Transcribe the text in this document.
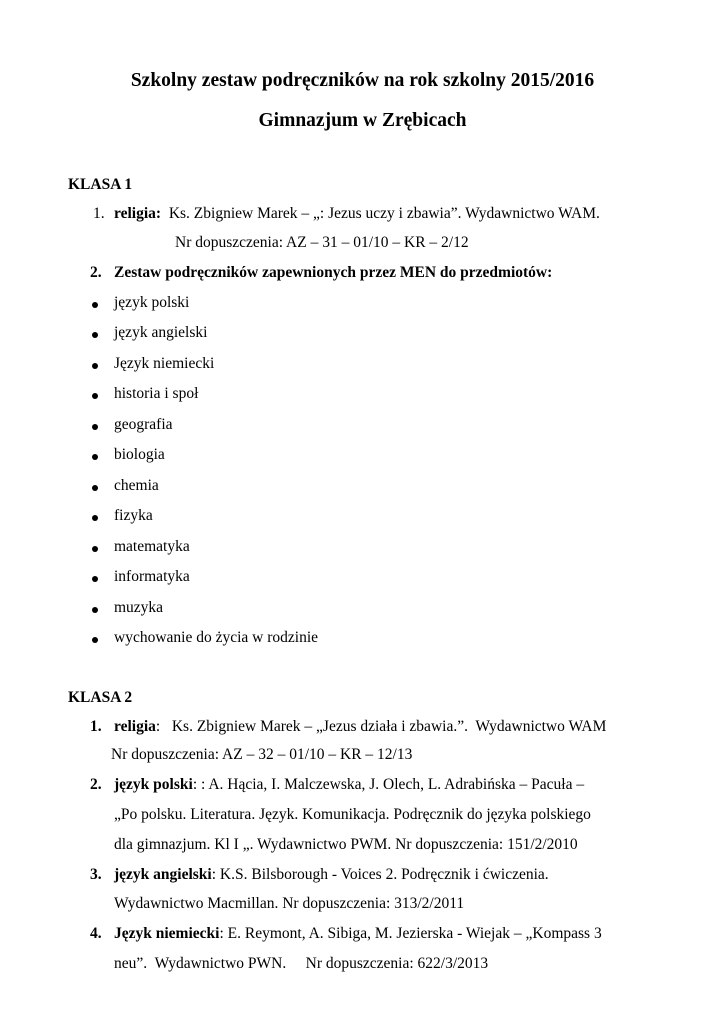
Szkolny zestaw podręczników na rok szkolny 2015/2016
Gimnazjum w Zrębicach
KLASA 1
1. religia: Ks. Zbigniew Marek – „: Jezus uczy i zbawia”. Wydawnictwo WAM.
Nr dopuszczenia: AZ – 31 – 01/10 – KR – 2/12
2. Zestaw podręczników zapewnionych przez MEN do przedmiotów:
język polski
język angielski
Język niemiecki
historia i społ
geografia
biologia
chemia
fizyka
matematyka
informatyka
muzyka
wychowanie do życia w rodzinie
KLASA 2
1. religia:   Ks. Zbigniew Marek – „Jezus działa i zbawia.”.  Wydawnictwo WAM
Nr dopuszczenia: AZ – 32 – 01/10 – KR – 12/13
2. język polski: : A. Hącia, I. Malczewska, J. Olech, L. Adrabińska – Pacuła –
„Po polsku. Literatura. Język. Komunikacja. Podręcznik do języka polskiego
dla gimnazjum. Kl I „. Wydawnictwo PWM. Nr dopuszczenia: 151/2/2010
3. język angielski: K.S. Bilsborough - Voices 2. Podręcznik i ćwiczenia.
Wydawnictwo Macmillan. Nr dopuszczenia: 313/2/2011
4. Język niemiecki: E. Reymont, A. Sibiga, M. Jezierska - Wiejak – „Kompass 3
neu”.  Wydawnictwo PWN.     Nr dopuszczenia: 622/3/2013
